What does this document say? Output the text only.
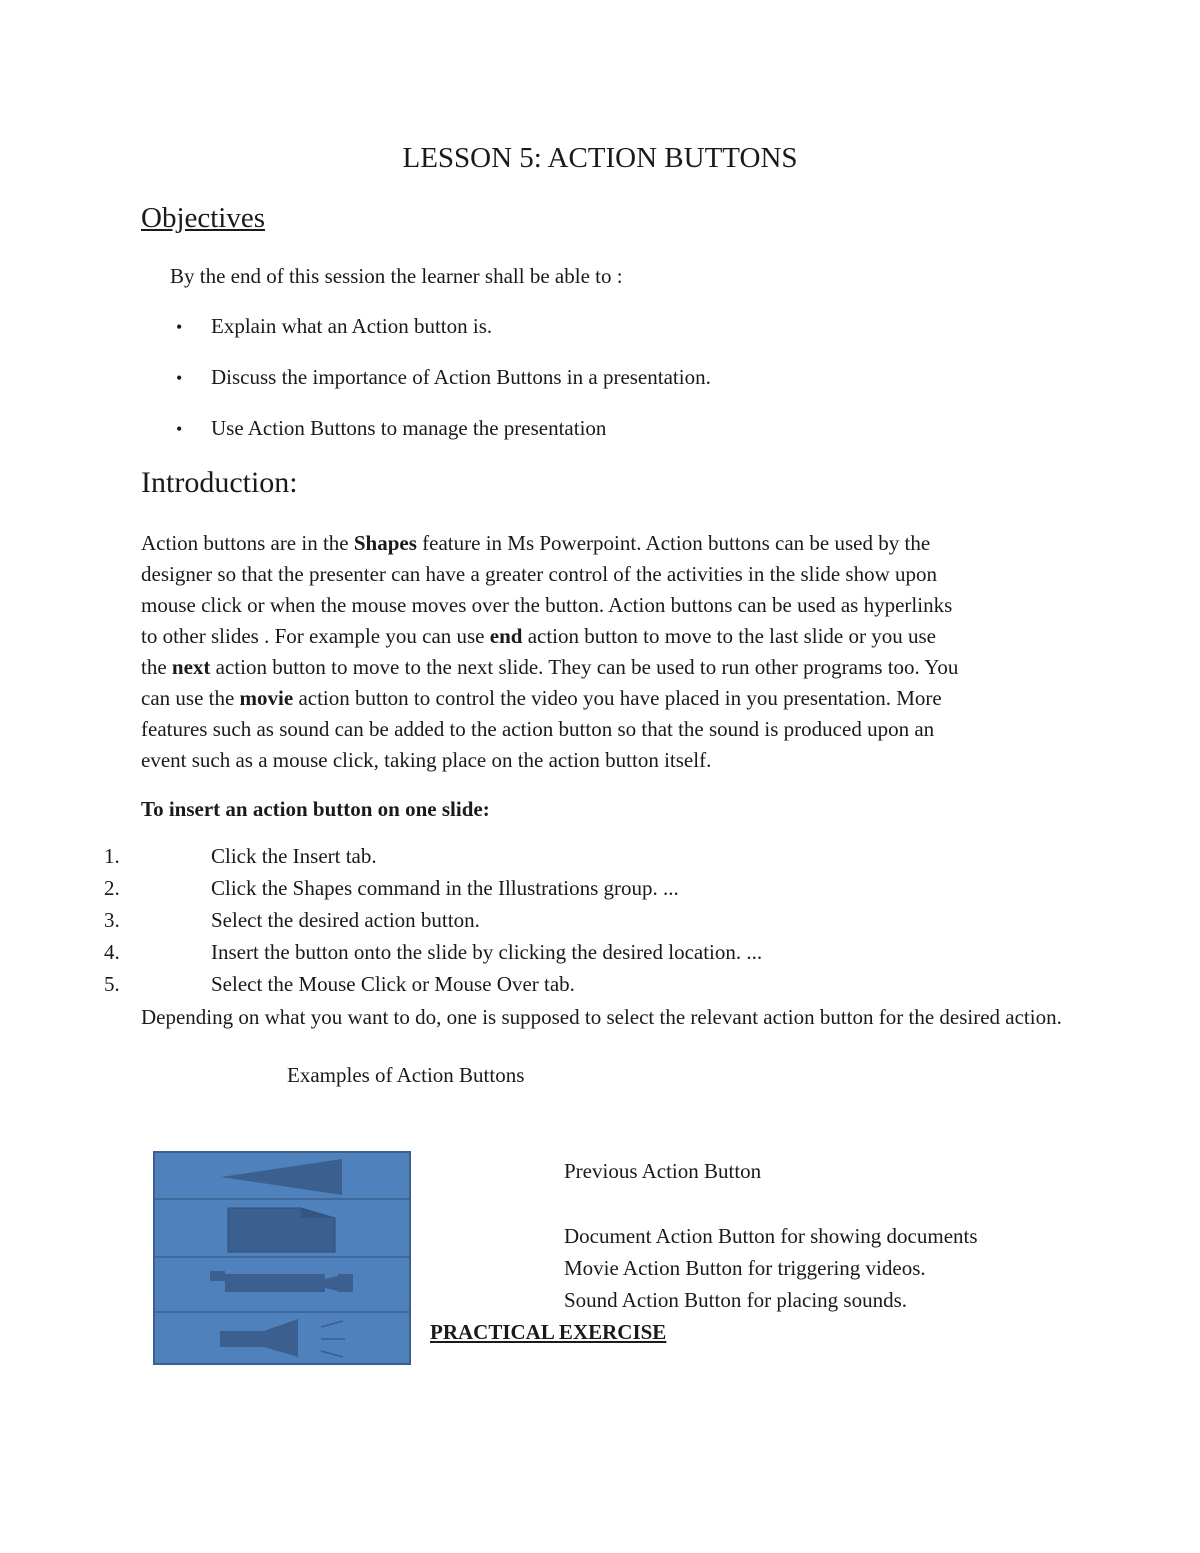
LESSON 5: ACTION BUTTONS
Objectives
By the end of this session the learner shall be able to :
• Explain what an Action button is.
• Discuss the importance of Action Buttons in a presentation.
• Use Action Buttons to manage the presentation
Introduction:
Action buttons are in the Shapes feature in Ms Powerpoint. Action buttons can be used by the
designer so that the presenter can have a greater control of the activities in the slide show upon
mouse click or when the mouse moves over the button. Action buttons can be used as hyperlinks
to other slides . For example you can use end action button to move to the last slide or you use
the next action button to move to the next slide. They can be used to run other programs too. You
can use the movie action button to control the video you have placed in you presentation. More
features such as sound can be added to the action button so that the sound is produced upon an
event such as a mouse click, taking place on the action button itself.
To insert an action button on one slide:
1.	Click the Insert tab.
2.	Click the Shapes command in the Illustrations group. ...
3.	Select the desired action button.
4.	Insert the button onto the slide by clicking the desired location. ...
5.	Select the Mouse Click or Mouse Over tab.
Depending on what you want to do, one is supposed to select the relevant action button for the desired action.
Examples of Action Buttons
Previous Action Button
Document Action Button for showing documents
Movie Action Button for triggering videos.
Sound Action Button for placing sounds.
PRACTICAL EXERCISE
